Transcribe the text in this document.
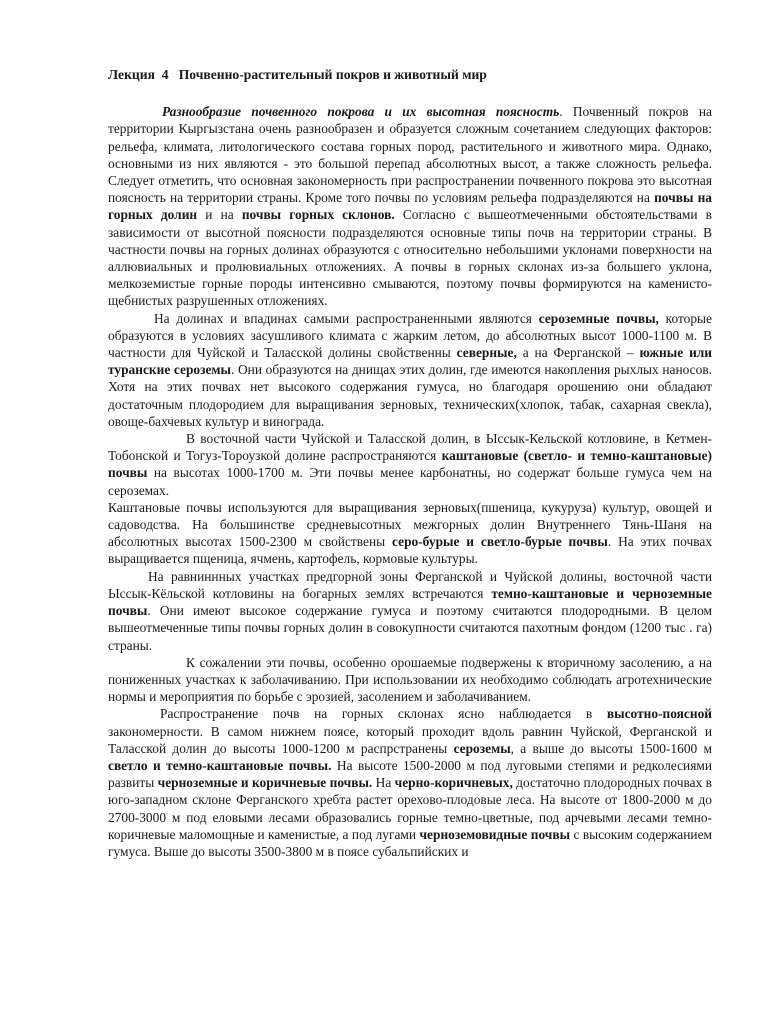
Лекция  4   Почвенно-растительный покров и животный мир

Разнообразие почвенного покрова и их высотная поясность. Почвенный покров на территории Кыргызстана очень разнообразен и образуется сложным сочетанием следующих факторов: рельефа, климата, литологического состава горных пород, растительного и животного мира. Однако, основными из них являются - это большой перепад абсолютных высот, а также сложность рельефа. Следует отметить, что основная закономерность при распространении почвенного покрова это высотная поясность на территории страны. Кроме того почвы по условиям рельефа подразделяются на почвы на горных долин и на почвы горных склонов. Согласно с вышеотмеченными обстоятельствами в зависимости от высотной поясности подразделяются основные типы почв на территории страны. В частности почвы на горных долинах образуются с относительно небольшими уклонами поверхности на аллювиальных и пролювиальных отложениях. А почвы в горных склонах из-за большего уклона, мелкоземистые горные породы интенсивно смываются, поэтому почвы формируются на каменисто-щебнистых разрушенных отложениях.

На долинах и впадинах самыми распространенными являются сероземные почвы, которые образуются в условиях засушливого климата с жарким летом, до абсолютных высот 1000-1100 м. В частности для Чуйской и Таласской долины свойственны северные, а на Ферганской – южные или туранские сероземы. Они образуются на днищах этих долин, где имеются накопления рыхлых наносов. Хотя на этих почвах нет высокого содержания гумуса, но благодаря орошению они обладают достаточным плодородием для выращивания зерновых, технических(хлопок, табак, сахарная свекла), овоще-бахчевых культур и винограда.

В восточной части Чуйской и Таласской долин, в Ыссык-Кельской котловине, в Кетмен-Тобонской и Тогуз-Тороузкой долине распространяются каштановые (светло- и темно-каштановые) почвы на высотах 1000-1700 м. Эти почвы менее карбонатны, но содержат больше гумуса чем на сероземах.

Каштановые почвы используются для выращивания зерновых(пшеница, кукуруза) культур, овощей и садоводства. На большинстве средневысотных межгорных долин Внутреннего Тянь-Шаня на абсолютных высотах 1500-2300 м свойствены серо-бурые и светло-бурые почвы. На этих почвах выращивается пщеница, ячмень, картофель, кормовые культуры.

На равниннных участках предгорной зоны Ферганской и Чуйской долины, восточной части Ыссык-Кёльской котловины на богарных землях встречаются темно-каштановые и черноземные почвы. Они имеют высокое содержание гумуса и поэтому считаются плодородными. В целом вышеотмеченные типы почвы горных долин в совокупности считаются пахотным фондом (1200 тыс . га) страны.

К сожалении эти почвы, особенно орошаемые подвержены к вторичному засолению, а на пониженных участках к заболачиванию. При использовании их необходимо соблюдать агротехнические нормы и мероприятия по борьбе с эрозией, засолением и заболачиванием.

Распространение почв на горных склонах ясно наблюдается в высотно-поясной закономерности. В самом нижнем поясе, который проходит вдоль равнин Чуйской, Ферганской и Таласской долин до высоты 1000-1200 м распрстранены сероземы, а выше до высоты 1500-1600 м светло и темно-каштановые почвы. На высоте 1500-2000 м под луговыми степями и редколесиями развиты черноземные и коричневые почвы. На черно-коричневых, достаточно плодородных почвах в юго-западном склоне Ферганского хребта растет орехово-плодовые леса. На высоте от 1800-2000 м до 2700-3000 м под еловыми лесами образовались горные темно-цветные, под арчевыми лесами темно-коричневые маломощные и каменистые, а под лугами черноземовидные почвы с высоким содержанием гумуса. Выше до высоты 3500-3800 м в поясе субальпийских и
